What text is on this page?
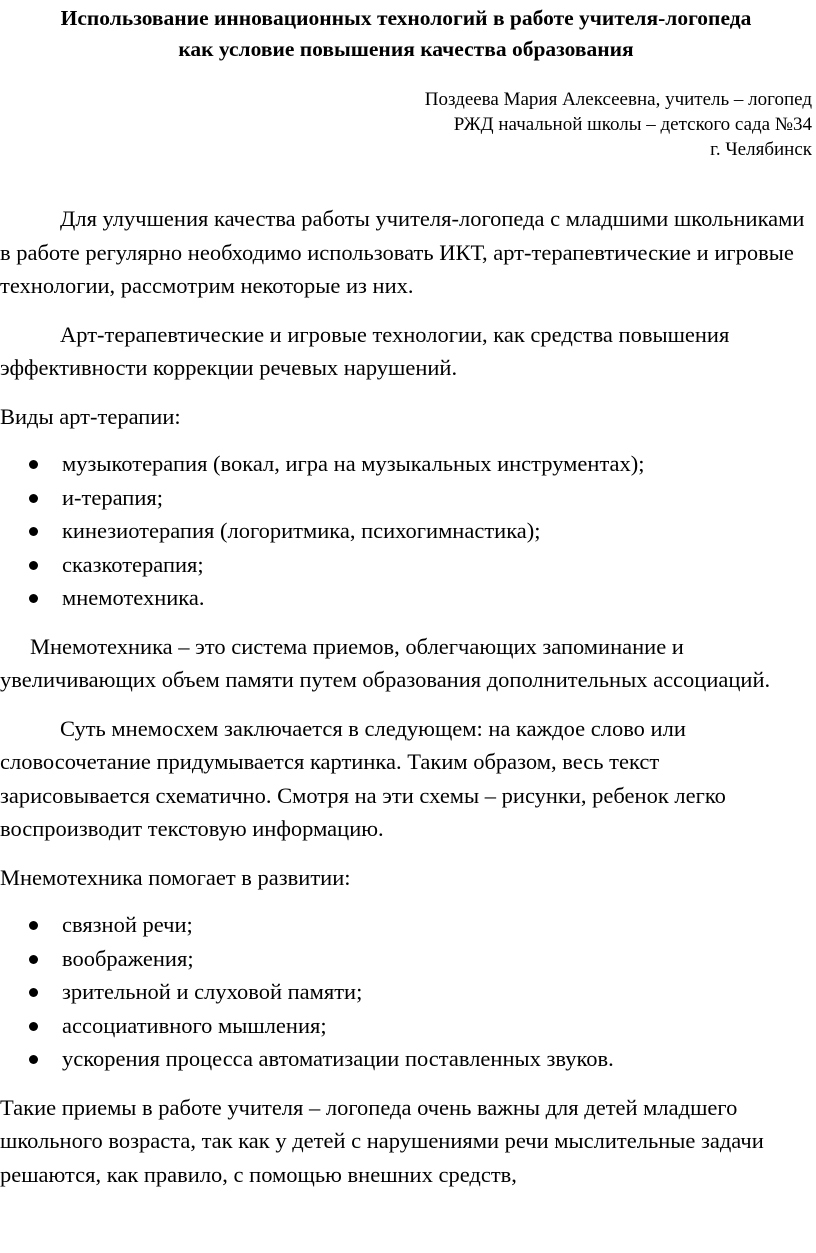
Использование инновационных технологий в работе учителя-логопеда
как условие повышения качества образования
Поздеева Мария Алексеевна, учитель – логопед
РЖД начальной школы – детского сада №34
г. Челябинск

Для улучшения качества работы учителя-логопеда с младшими школьниками в работе регулярно необходимо использовать ИКТ, арт-терапевтические и игровые технологии, рассмотрим некоторые из них.

Арт-терапевтические и игровые технологии, как средства повышения эффективности коррекции речевых нарушений.

Виды арт-терапии:

музыкотерапия (вокал, игра на музыкальных инструментах);
и-терапия;
кинезиотерапия (логоритмика, психогимнастика);
сказкотерапия;
мнемотехника.

Мнемотехника – это система приемов, облегчающих запоминание и увеличивающих объем памяти путем образования дополнительных ассоциаций.

Суть мнемосхем заключается в следующем: на каждое слово или словосочетание придумывается картинка. Таким образом, весь текст зарисовывается схематично. Смотря на эти схемы – рисунки, ребенок легко воспроизводит текстовую информацию.

Мнемотехника помогает в развитии:

связной речи;
воображения;
зрительной и слуховой памяти;
ассоциативного мышления;
ускорения процесса автоматизации поставленных звуков.

Такие приемы в работе учителя – логопеда очень важны для детей младшего школьного возраста, так как у детей с нарушениями речи мыслительные задачи решаются, как правило, с помощью внешних средств,
